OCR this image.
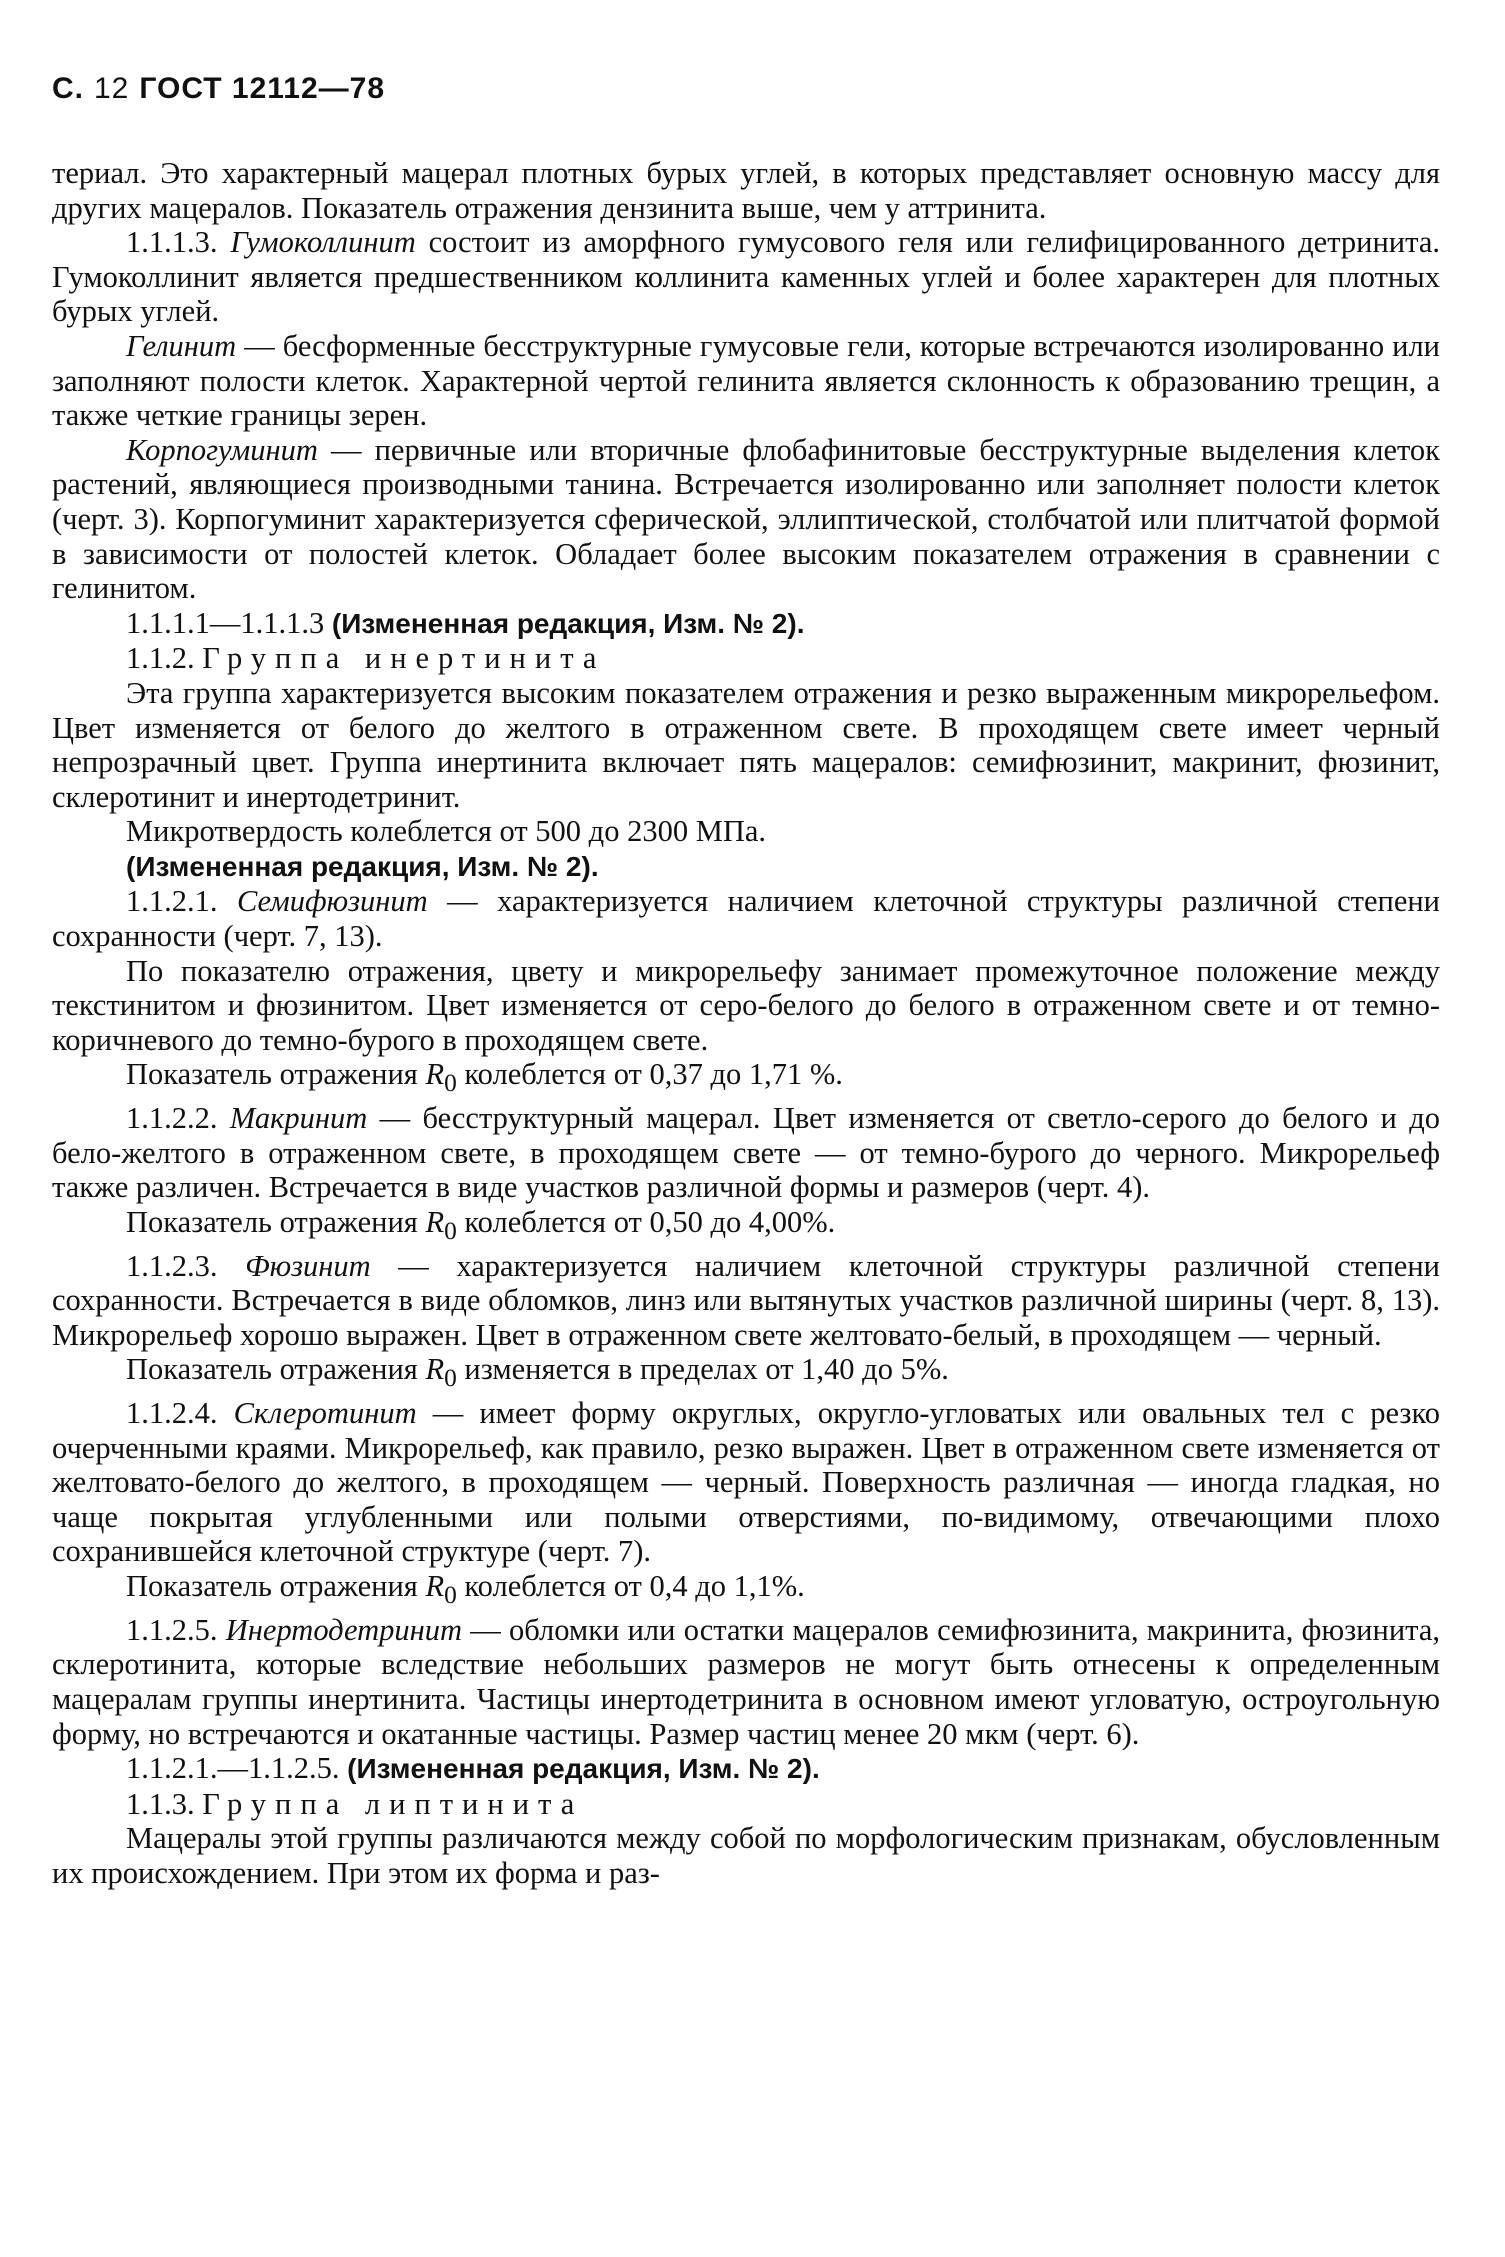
С. 12 ГОСТ 12112—78

териал. Это характерный мацерал плотных бурых углей, в которых представляет основную массу для других мацералов. Показатель отражения дензинита выше, чем у аттринита.

1.1.1.3. Гумоколлинит состоит из аморфного гумусового геля или гелифицированного детринита. Гумоколлинит является предшественником коллинита каменных углей и более характерен для плотных бурых углей.

Гелинит — бесформенные бесструктурные гумусовые гели, которые встречаются изолированно или заполняют полости клеток. Характерной чертой гелинита является склонность к образованию трещин, а также четкие границы зерен.

Корпогуминит — первичные или вторичные флобафинитовые бесструктурные выделения клеток растений, являющиеся производными танина. Встречается изолированно или заполняет полости клеток (черт. 3). Корпогуминит характеризуется сферической, эллиптической, столбчатой или плитчатой формой в зависимости от полостей клеток. Обладает более высоким показателем отражения в сравнении с гелинитом.

1.1.1.1—1.1.1.3 (Измененная редакция, Изм. № 2).

1.1.2. Группа инертинита

Эта группа характеризуется высоким показателем отражения и резко выраженным микрорельефом. Цвет изменяется от белого до желтого в отраженном свете. В проходящем свете имеет черный непрозрачный цвет. Группа инертинита включает пять мацералов: семифюзинит, макринит, фюзинит, склеротинит и инертодетринит.

Микротвердость колеблется от 500 до 2300 МПа.

(Измененная редакция, Изм. № 2).

1.1.2.1. Семифюзинит — характеризуется наличием клеточной структуры различной степени сохранности (черт. 7, 13).

По показателю отражения, цвету и микрорельефу занимает промежуточное положение между текстинитом и фюзинитом. Цвет изменяется от серо-белого до белого в отраженном свете и от темно-коричневого до темно-бурого в проходящем свете.

Показатель отражения $R_0$ колеблется от 0,37 до 1,71 %.

1.1.2.2. Макринит — бесструктурный мацерал. Цвет изменяется от светло-серого до белого и до бело-желтого в отраженном свете, в проходящем свете — от темно-бурого до черного. Микрорельеф также различен. Встречается в виде участков различной формы и размеров (черт. 4).

Показатель отражения $R_0$ колеблется от 0,50 до 4,00%.

1.1.2.3. Фюзинит — характеризуется наличием клеточной структуры различной степени сохранности. Встречается в виде обломков, линз или вытянутых участков различной ширины (черт. 8, 13). Микрорельеф хорошо выражен. Цвет в отраженном свете желтовато-белый, в проходящем — черный.

Показатель отражения $R_0$ изменяется в пределах от 1,40 до 5%.

1.1.2.4. Склеротинит — имеет форму округлых, округло-угловатых или овальных тел с резко очерченными краями. Микрорельеф, как правило, резко выражен. Цвет в отраженном свете изменяется от желтовато-белого до желтого, в проходящем — черный. Поверхность различная — иногда гладкая, но чаще покрытая углубленными или полыми отверстиями, по-видимому, отвечающими плохо сохранившейся клеточной структуре (черт. 7).

Показатель отражения $R_0$ колеблется от 0,4 до 1,1%.

1.1.2.5. Инертодетринит — обломки или остатки мацералов семифюзинита, макринита, фюзинита, склеротинита, которые вследствие небольших размеров не могут быть отнесены к определенным мацералам группы инертинита. Частицы инертодетринита в основном имеют угловатую, остроугольную форму, но встречаются и окатанные частицы. Размер частиц менее 20 мкм (черт. 6).

1.1.2.1.—1.1.2.5. (Измененная редакция, Изм. № 2).

1.1.3. Группа липтинита

Мацералы этой группы различаются между собой по морфологическим признакам, обусловленным их происхождением. При этом их форма и раз-
